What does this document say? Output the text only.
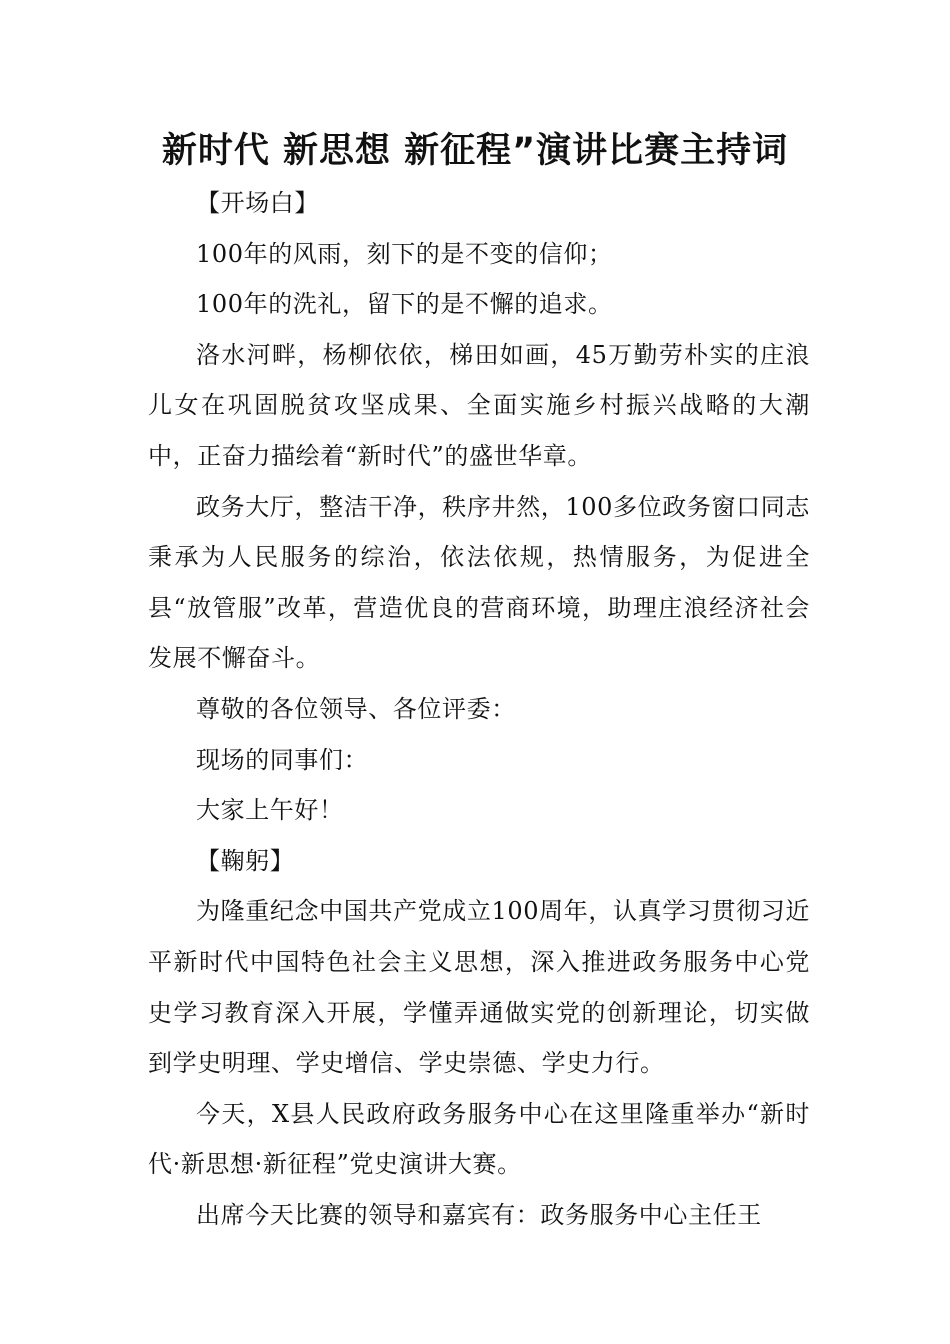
新时代 新思想 新征程”演讲比赛主持词

【开场白】

100年的风雨，刻下的是不变的信仰；

100年的洗礼，留下的是不懈的追求。

洛水河畔，杨柳依依，梯田如画，45万勤劳朴实的庄浪儿女在巩固脱贫攻坚成果、全面实施乡村振兴战略的大潮中，正奋力描绘着“新时代”的盛世华章。

政务大厅，整洁干净，秩序井然，100多位政务窗口同志秉承为人民服务的综治，依法依规，热情服务，为促进全县“放管服”改革，营造优良的营商环境，助理庄浪经济社会发展不懈奋斗。

尊敬的各位领导、各位评委：

现场的同事们：

大家上午好！

【鞠躬】

为隆重纪念中国共产党成立100周年，认真学习贯彻习近平新时代中国特色社会主义思想，深入推进政务服务中心党史学习教育深入开展，学懂弄通做实党的创新理论，切实做到学史明理、学史增信、学史崇德、学史力行。

今天，X县人民政府政务服务中心在这里隆重举办“新时代·新思想·新征程”党史演讲大赛。

出席今天比赛的领导和嘉宾有：政务服务中心主任王
